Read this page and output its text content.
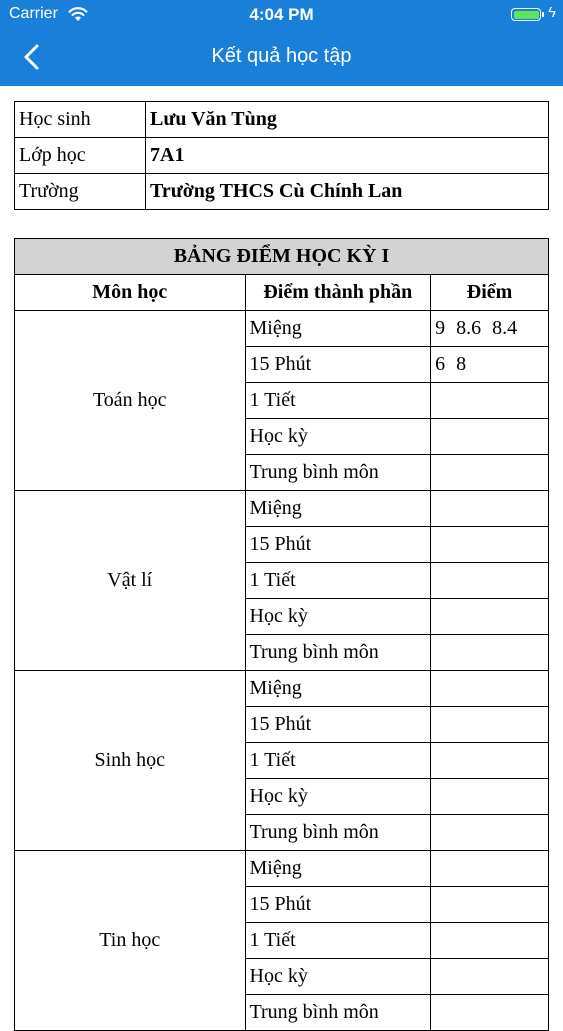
Carrier	4:04 PM	ϟ
Kết quả học tập
Học sinh	Lưu Văn Tùng
Lớp học	7A1
Trường	Trường THCS Cù Chính Lan
BẢNG ĐIỂM HỌC KỲ I		
Môn học	Điểm thành phần	Điểm
Toán học	Miệng	9 8.6 8.4
	15 Phút	6 8
	1 Tiết	
	Học kỳ	
	Trung bình môn	
Vật lí	Miệng	
	15 Phút	
	1 Tiết	
	Học kỳ	
	Trung bình môn	
Sinh học	Miệng	
	15 Phút	
	1 Tiết	
	Học kỳ	
	Trung bình môn	
Tin học	Miệng	
	15 Phút	
	1 Tiết	
	Học kỳ	
	Trung bình môn	
